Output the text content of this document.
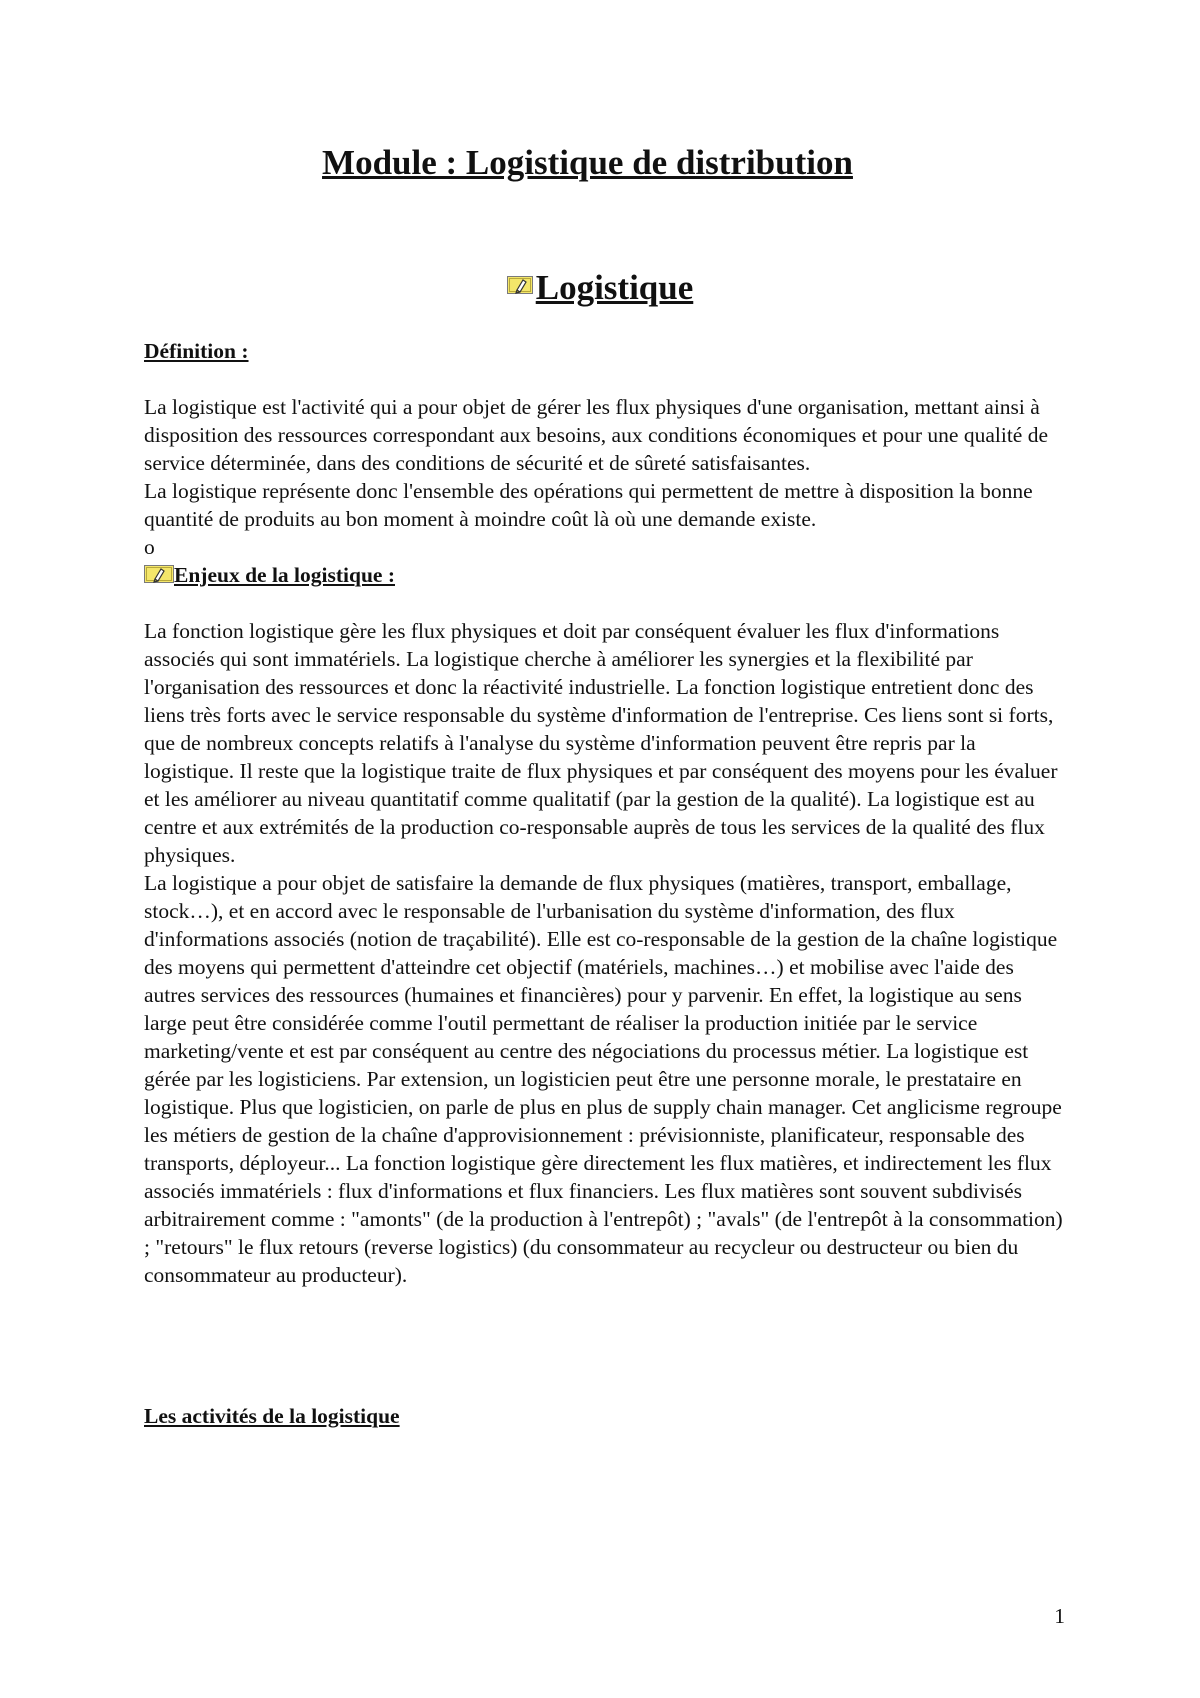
Module : Logistique de distribution
Logistique

Définition :

La logistique est l'activité qui a pour objet de gérer les flux physiques d'une organisation, mettant ainsi à disposition des ressources correspondant aux besoins, aux conditions économiques et pour une qualité de service déterminée, dans des conditions de sécurité et de sûreté satisfaisantes.

La logistique représente donc l'ensemble des opérations qui permettent de mettre à disposition la bonne quantité de produits au bon moment à moindre coût là où une demande existe.

o

Enjeux de la logistique :

La fonction logistique gère les flux physiques et doit par conséquent évaluer les flux d'informations associés qui sont immatériels. La logistique cherche à améliorer les synergies et la flexibilité par l'organisation des ressources et donc la réactivité industrielle. La fonction logistique entretient donc des liens très forts avec le service responsable du système d'information de l'entreprise. Ces liens sont si forts, que de nombreux concepts relatifs à l'analyse du système d'information peuvent être repris par la logistique. Il reste que la logistique traite de flux physiques et par conséquent des moyens pour les évaluer et les améliorer au niveau quantitatif comme qualitatif (par la gestion de la qualité). La logistique est au centre et aux extrémités de la production co-responsable auprès de tous les services de la qualité des flux physiques.

La logistique a pour objet de satisfaire la demande de flux physiques (matières, transport, emballage, stock…), et en accord avec le responsable de l'urbanisation du système d'information, des flux d'informations associés (notion de traçabilité). Elle est co-responsable de la gestion de la chaîne logistique des moyens qui permettent d'atteindre cet objectif (matériels, machines…) et mobilise avec l'aide des autres services des ressources (humaines et financières) pour y parvenir. En effet, la logistique au sens large peut être considérée comme l'outil permettant de réaliser la production initiée par le service marketing/vente et est par conséquent au centre des négociations du processus métier. La logistique est gérée par les logisticiens. Par extension, un logisticien peut être une personne morale, le prestataire en logistique. Plus que logisticien, on parle de plus en plus de supply chain manager. Cet anglicisme regroupe les métiers de gestion de la chaîne d'approvisionnement : prévisionniste, planificateur, responsable des transports, déployeur... La fonction logistique gère directement les flux matières, et indirectement les flux associés immatériels : flux d'informations et flux financiers. Les flux matières sont souvent subdivisés arbitrairement comme : "amonts" (de la production à l'entrepôt) ; "avals" (de l'entrepôt à la consommation) ; "retours" le flux retours (reverse logistics) (du consommateur au recycleur ou destructeur ou bien du consommateur au producteur).

Les activités de la logistique

1
